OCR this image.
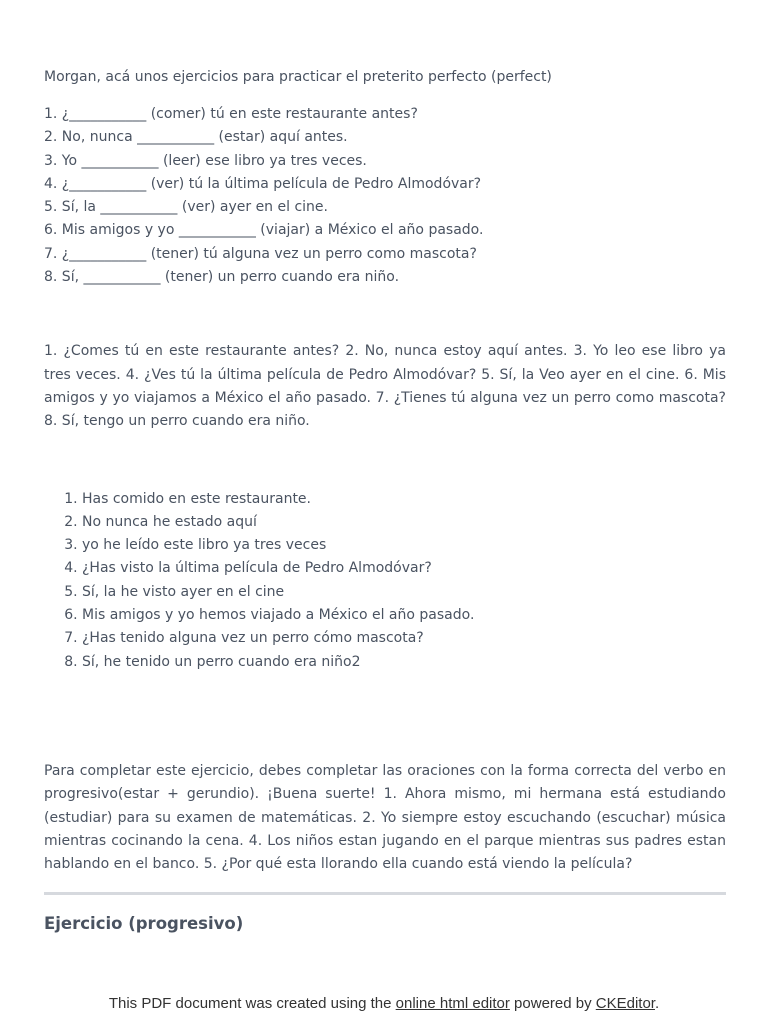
Morgan, acá unos ejercicios para practicar el preterito perfecto (perfect)

1. ¿___________ (comer) tú en este restaurante antes?
2. No, nunca ___________ (estar) aquí antes.
3. Yo ___________ (leer) ese libro ya tres veces.
4. ¿___________ (ver) tú la última película de Pedro Almodóvar?
5. Sí, la ___________ (ver) ayer en el cine.
6. Mis amigos y yo ___________ (viajar) a México el año pasado.
7. ¿___________ (tener) tú alguna vez un perro como mascota?
8. Sí, ___________ (tener) un perro cuando era niño.

1. ¿Comes tú en este restaurante antes? 2. No, nunca estoy aquí antes. 3. Yo leo ese libro ya tres veces. 4. ¿Ves tú la última película de Pedro Almodóvar? 5. Sí, la Veo ayer en el cine. 6. Mis amigos y yo viajamos a México el año pasado. 7. ¿Tienes tú alguna vez un perro como mascota? 8. Sí, tengo un perro cuando era niño.

1. Has comido en este restaurante.
2. No nunca he estado aquí
3. yo he leído este libro ya tres veces
4. ¿Has visto la última película de Pedro Almodóvar?
5. Sí, la he visto ayer en el cine
6. Mis amigos y yo hemos viajado a México el año pasado.
7. ¿Has tenido alguna vez un perro cómo mascota?
8. Sí, he tenido un perro cuando era niño2

Para completar este ejercicio, debes completar las oraciones con la forma correcta del verbo en progresivo(estar + gerundio). ¡Buena suerte! 1. Ahora mismo, mi hermana está estudiando (estudiar) para su examen de matemáticas. 2. Yo siempre estoy escuchando (escuchar) música mientras cocinando la cena. 4. Los niños estan jugando en el parque mientras sus padres estan hablando en el banco. 5. ¿Por qué esta llorando ella cuando está viendo la película?

Ejercicio (progresivo)
This PDF document was created using the online html editor powered by CKEditor.
